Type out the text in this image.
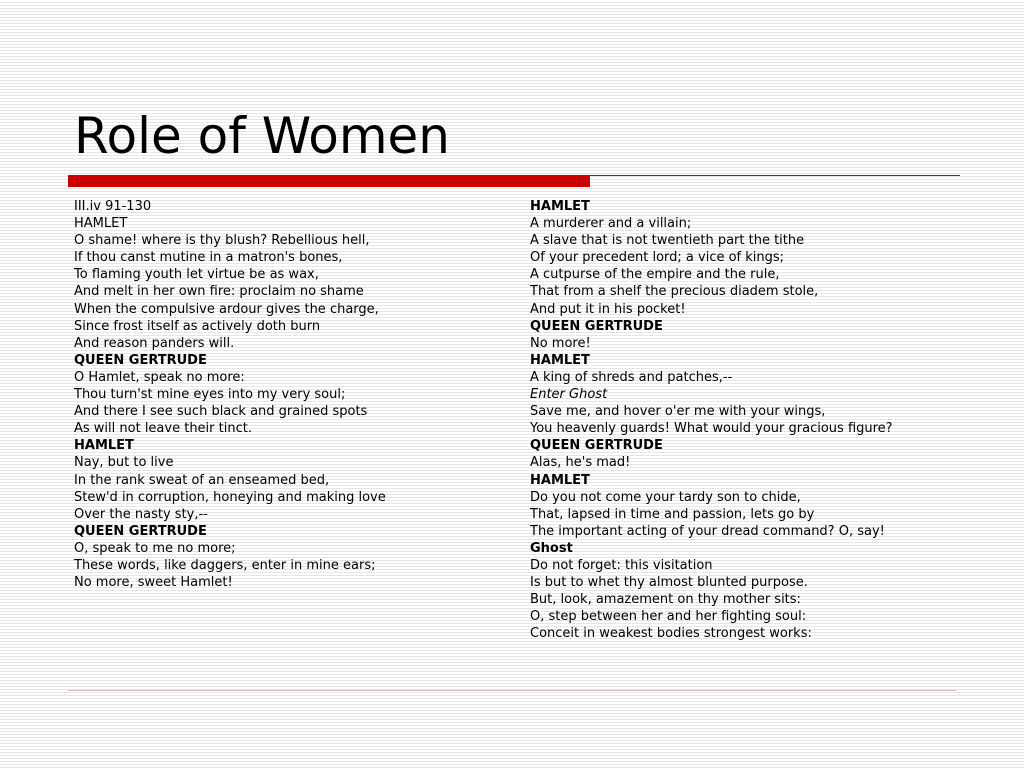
Role of Women
III.iv 91-130
HAMLET
O shame! where is thy blush? Rebellious hell,
If thou canst mutine in a matron's bones,
To flaming youth let virtue be as wax,
And melt in her own fire: proclaim no shame
When the compulsive ardour gives the charge,
Since frost itself as actively doth burn
And reason panders will.
QUEEN GERTRUDE
O Hamlet, speak no more:
Thou turn'st mine eyes into my very soul;
And there I see such black and grained spots
As will not leave their tinct.
HAMLET
Nay, but to live
In the rank sweat of an enseamed bed,
Stew'd in corruption, honeying and making love
Over the nasty sty,--
QUEEN GERTRUDE
O, speak to me no more;
These words, like daggers, enter in mine ears;
No more, sweet Hamlet!
HAMLET
A murderer and a villain;
A slave that is not twentieth part the tithe
Of your precedent lord; a vice of kings;
A cutpurse of the empire and the rule,
That from a shelf the precious diadem stole,
And put it in his pocket!
QUEEN GERTRUDE
No more!
HAMLET
A king of shreds and patches,--
Enter Ghost
Save me, and hover o'er me with your wings,
You heavenly guards! What would your gracious figure?
QUEEN GERTRUDE
Alas, he's mad!
HAMLET
Do you not come your tardy son to chide,
That, lapsed in time and passion, lets go by
The important acting of your dread command? O, say!
Ghost
Do not forget: this visitation
Is but to whet thy almost blunted purpose.
But, look, amazement on thy mother sits:
O, step between her and her fighting soul:
Conceit in weakest bodies strongest works:
